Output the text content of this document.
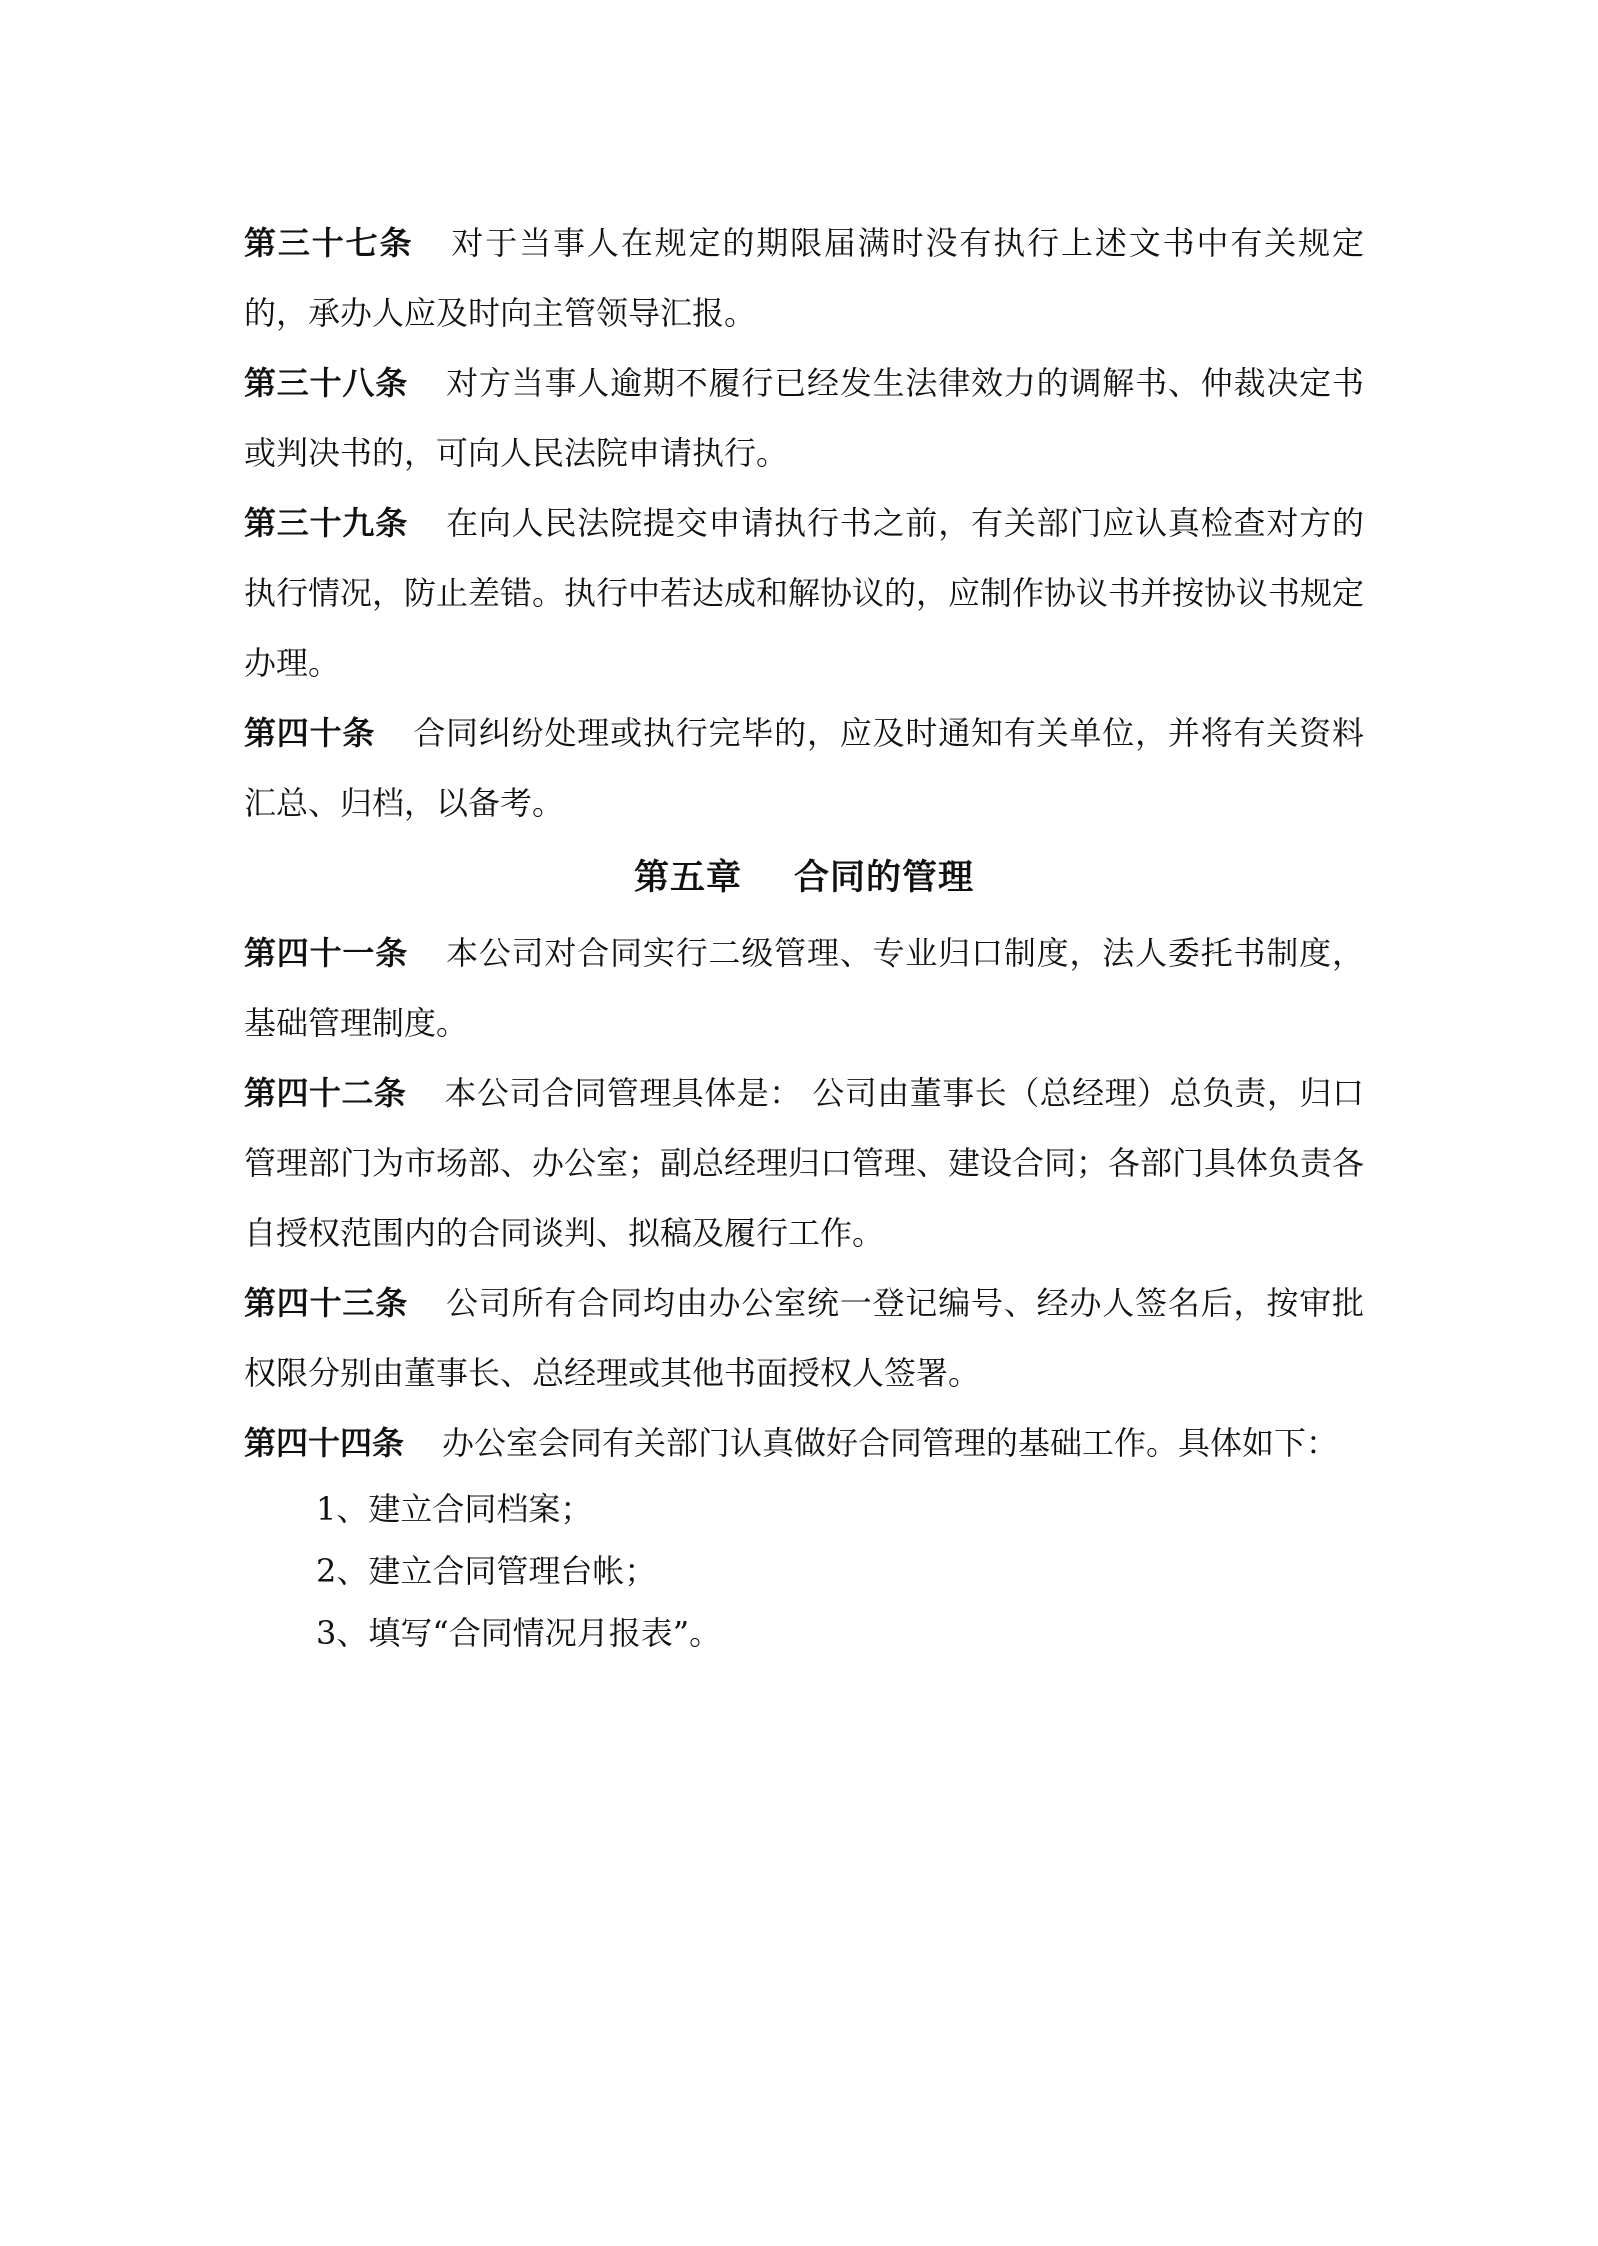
第三十七条 对于当事人在规定的期限届满时没有执行上述文书中有关规定的，承办人应及时向主管领导汇报。

第三十八条 对方当事人逾期不履行已经发生法律效力的调解书、仲裁决定书或判决书的，可向人民法院申请执行。

第三十九条 在向人民法院提交申请执行书之前，有关部门应认真检查对方的执行情况，防止差错。执行中若达成和解协议的，应制作协议书并按协议书规定办理。

第四十条 合同纠纷处理或执行完毕的，应及时通知有关单位，并将有关资料汇总、归档，以备考。

第五章 合同的管理

第四十一条 本公司对合同实行二级管理、专业归口制度，法人委托书制度，基础管理制度。

第四十二条 本公司合同管理具体是： 公司由董事长（总经理）总负责，归口管理部门为市场部、办公室；副总经理归口管理、建设合同；各部门具体负责各自授权范围内的合同谈判、拟稿及履行工作。

第四十三条 公司所有合同均由办公室统一登记编号、经办人签名后，按审批权限分别由董事长、总经理或其他书面授权人签署。

第四十四条 办公室会同有关部门认真做好合同管理的基础工作。具体如下：

1、建立合同档案；
2、建立合同管理台帐；
3、填写“合同情况月报表”。
